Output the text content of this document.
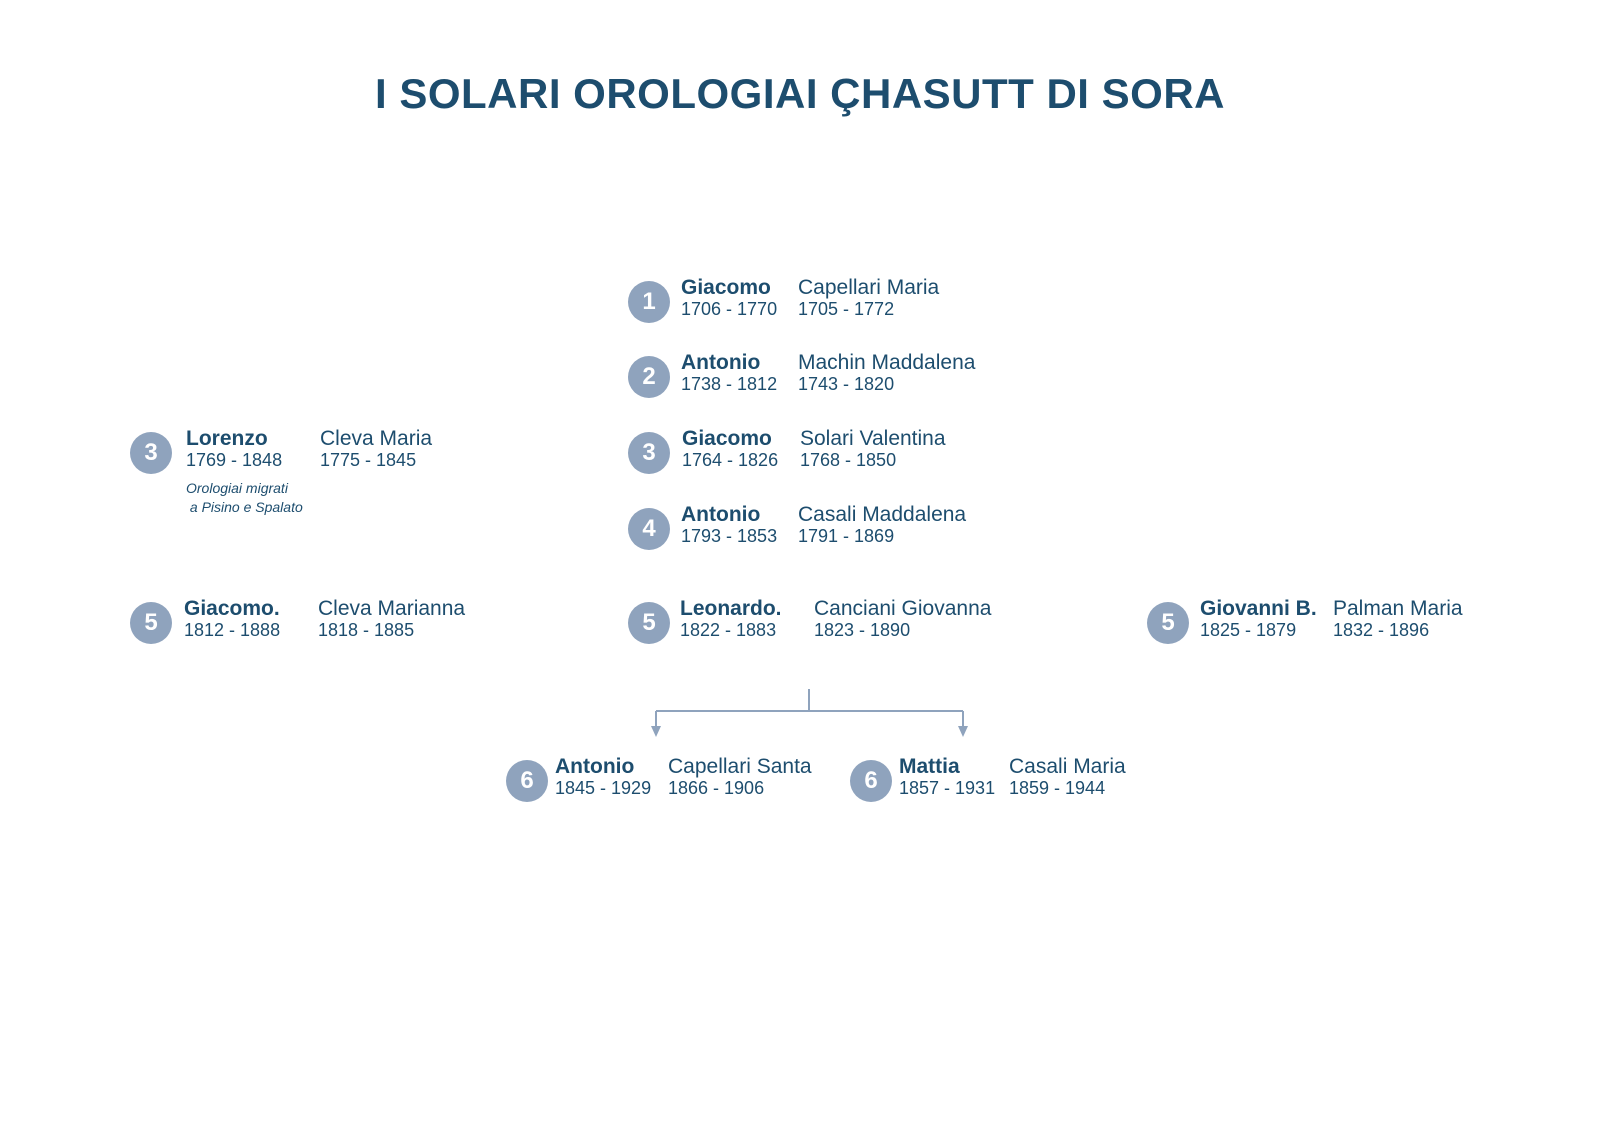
I SOLARI OROLOGIAI ÇHASUTT DI SORA
1
Giacomo
1706 - 1770
Capellari Maria
1705 - 1772
2
Antonio
1738 - 1812
Machin Maddalena
1743 - 1820
3
Lorenzo
1769 - 1848
Cleva Maria
1775 - 1845
Orologiai migrati
a Pisino e Spalato
3
Giacomo
1764 - 1826
Solari Valentina
1768 - 1850
4
Antonio
1793 - 1853
Casali Maddalena
1791 - 1869
5
Giacomo.
1812 - 1888
Cleva Marianna
1818 - 1885	5
Leonardo.
1822 - 1883
Canciani Giovanna
1823 - 1890	5
Giovanni B.
1825 - 1879
Palman Maria
1832 - 1896
6
Antonio
1845 - 1929
Capellari Santa
1866 - 1906	6
Mattia
1857 - 1931
Casali Maria
1859 - 1944
